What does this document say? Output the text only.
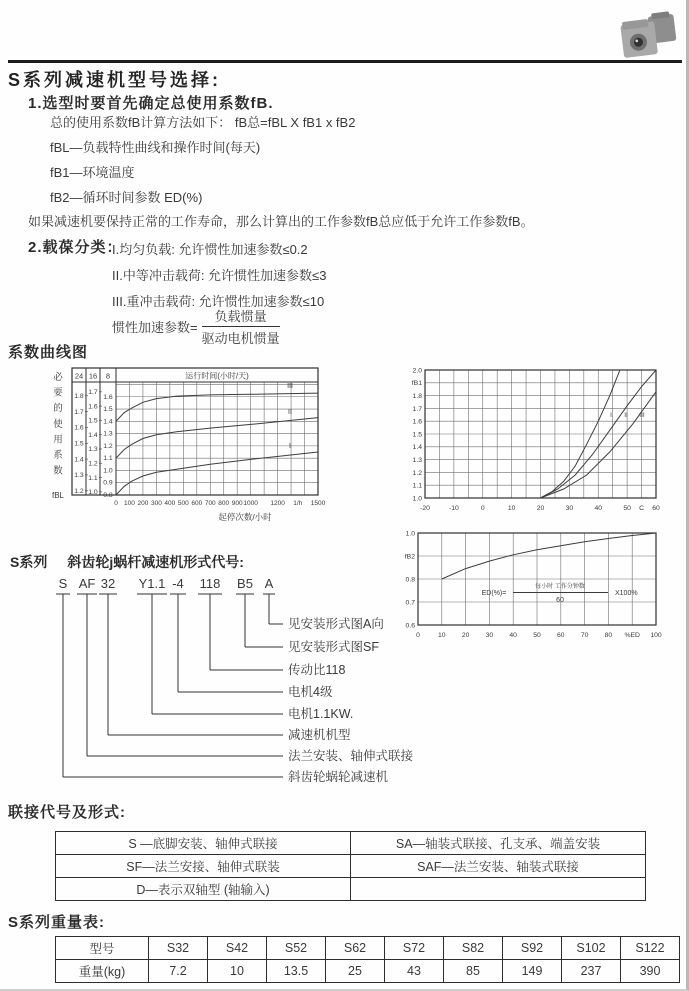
S系列减速机型号选择:
1.选型时要首先确定总使用系数fB.
总的使用系数fB计算方法如下： fB总=fBL X fB1 x fB2
fBL—负载特性曲线和操作时间(每天)
fB1—环境温度
fB2—循环时间参数 ED(%)
如果减速机要保持正常的工作寿命，那么计算出的工作参数fB总应低于允许工作参数fB。
2.载葆分类：
I.均匀负载: 允许惯性加速参数≤0.2
II.中等冲击载荷: 允许惯性加速参数≤3
III.重冲击载荷: 允许惯性加速参数≤10
惯性加速参数= $\frac{\text{负载惯量}}{\text{驱动电机惯量}}$
系数曲线图
必
要
的
使
用
系
数
fBL
24 16 8	运行时间(小时/天)
1.8
1.7
1.6
1.5
1.4
1.3
1.2
1.7
1.6
1.5
1.4
1.3
1.2
1.1
1.0
1.6
1.5
1.4
1.3
1.2
1.1
1.0
0.9
0.8
0 100 200 300 400 500 600 700 800 900 1000 1200 1/h 1500
起停次数/小时
III
II
I
2.0
fB1
1.8
1.7
1.6
1.5
1.4
1.3
1.2
1.1
1.0
-20	-10	0	10	20	30	40	50 C 60
I II III
1.0
fB2
0.8
0.7
0.6
0	10 20 30 40 50 60 70 80 %ED 100
ED(%)=
每小时 工作分钟数
60
X100%
S系列 斜齿轮j蜗杆减速机形式代号:
S AF 32 Y1.1 -4 118 B5 A
见安装形式图A向
见安装形式图SF
传动比118
电机4级
电机1.1KW.
减速机机型
法兰安装、轴伸式联接
斜齿轮蜗轮减速机
联接代号及形式:
S —底脚安装、轴伸式联接	SA—轴装式联接、孔支承、端盖安装
SF—法兰安接、轴伸式联装	SAF—法兰安装、轴装式联接
D—表示双轴型 (轴输入)	
S系列重量表:
型号	S32	S42	S52	S62	S72	S82	S92	S102	S122
重量(kg)	7.2	10	13.5	25	43	85	149	237	390
